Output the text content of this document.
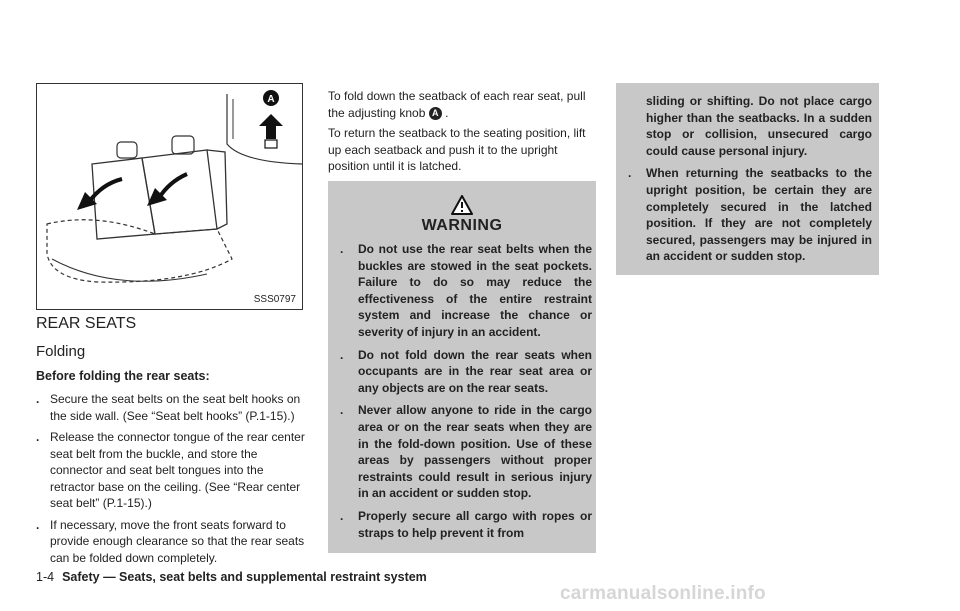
A
SSS0797
REAR SEATS
Folding

Before folding the rear seats:

. Secure the seat belts on the seat belt hooks on the side wall. (See “Seat belt hooks” (P.1-15).)
. Release the connector tongue of the rear center seat belt from the buckle, and store the connector and seat belt tongues into the retractor base on the ceiling. (See “Rear center seat belt” (P.1-15).)
. If necessary, move the front seats forward to provide enough clearance so that the rear seats can be folded down completely.

To fold down the seatback of each rear seat, pull the adjusting knob A .

To return the seatback to the seating position, lift up each seatback and push it to the upright position until it is latched.

WARNING
. Do not use the rear seat belts when the buckles are stowed in the seat pockets. Failure to do so may reduce the effectiveness of the entire restraint system and increase the chance or severity of injury in an accident.
. Do not fold down the rear seats when occupants are in the rear seat area or any objects are on the rear seats.
. Never allow anyone to ride in the cargo area or on the rear seats when they are in the fold-down position. Use of these areas by passengers without proper restraints could result in serious injury in an accident or sudden stop.
. Properly secure all cargo with ropes or straps to help prevent it from
sliding or shifting. Do not place cargo higher than the seatbacks. In a sudden stop or collision, unsecured cargo could cause personal injury.
. When returning the seatbacks to the upright position, be certain they are completely secured in the latched position. If they are not completely secured, passengers may be injured in an accident or sudden stop.
1-4 Safety — Seats, seat belts and supplemental restraint system
carmanualsonline.info
